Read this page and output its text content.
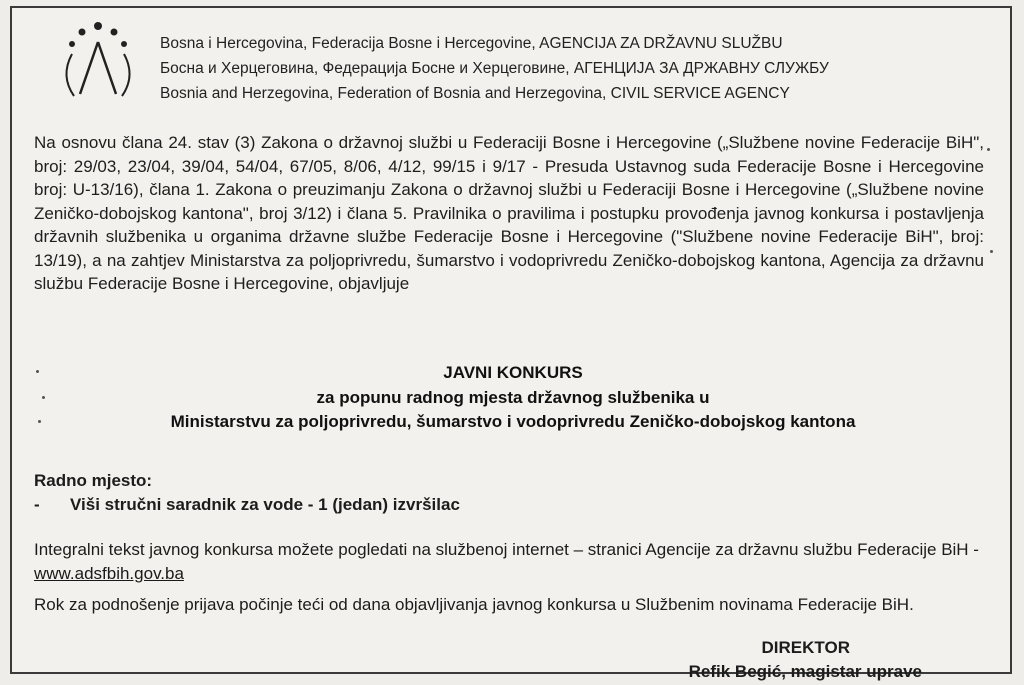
Bosna i Hercegovina, Federacija Bosne i Hercegovine, AGENCIJA ZA DRŽAVNU SLUŽBU
Босна и Херцеговина, Федерација Босне и Херцеговине, АГЕНЦИЈА ЗА ДРЖАВНУ СЛУЖБУ
Bosnia and Herzegovina, Federation of Bosnia and Herzegovina, CIVIL SERVICE AGENCY
Na osnovu člana 24. stav (3) Zakona o državnoj službi u Federaciji Bosne i Hercegovine („Službene novine Federacije BiH", broj: 29/03, 23/04, 39/04, 54/04, 67/05, 8/06, 4/12, 99/15 i 9/17 - Presuda Ustavnog suda Federacije Bosne i Hercegovine broj: U-13/16), člana 1. Zakona o preuzimanju Zakona o državnoj službi u Federaciji Bosne i Hercegovine („Službene novine Zeničko-dobojskog kantona", broj 3/12) i člana 5. Pravilnika o pravilima i postupku provođenja javnog konkursa i postavljenja državnih službenika u organima državne službe Federacije Bosne i Hercegovine ("Službene novine Federacije BiH", broj: 13/19), a na zahtjev Ministarstva za poljoprivredu, šumarstvo i vodoprivredu Zeničko-dobojskog kantona, Agencija za državnu službu Federacije Bosne i Hercegovine, objavljuje
JAVNI KONKURS
za popunu radnog mjesta državnog službenika u
Ministarstvu za poljoprivredu, šumarstvo i vodoprivredu Zeničko-dobojskog kantona
Radno mjesto:
- Viši stručni saradnik za vode - 1 (jedan) izvršilac
Integralni tekst javnog konkursa možete pogledati na službenoj internet – stranici Agencije za državnu službu Federacije BiH - www.adsfbih.gov.ba
Rok za podnošenje prijava počinje teći od dana objavljivanja javnog konkursa u Službenim novinama Federacije BiH.
DIREKTOR
Refik Begić, magistar uprave
